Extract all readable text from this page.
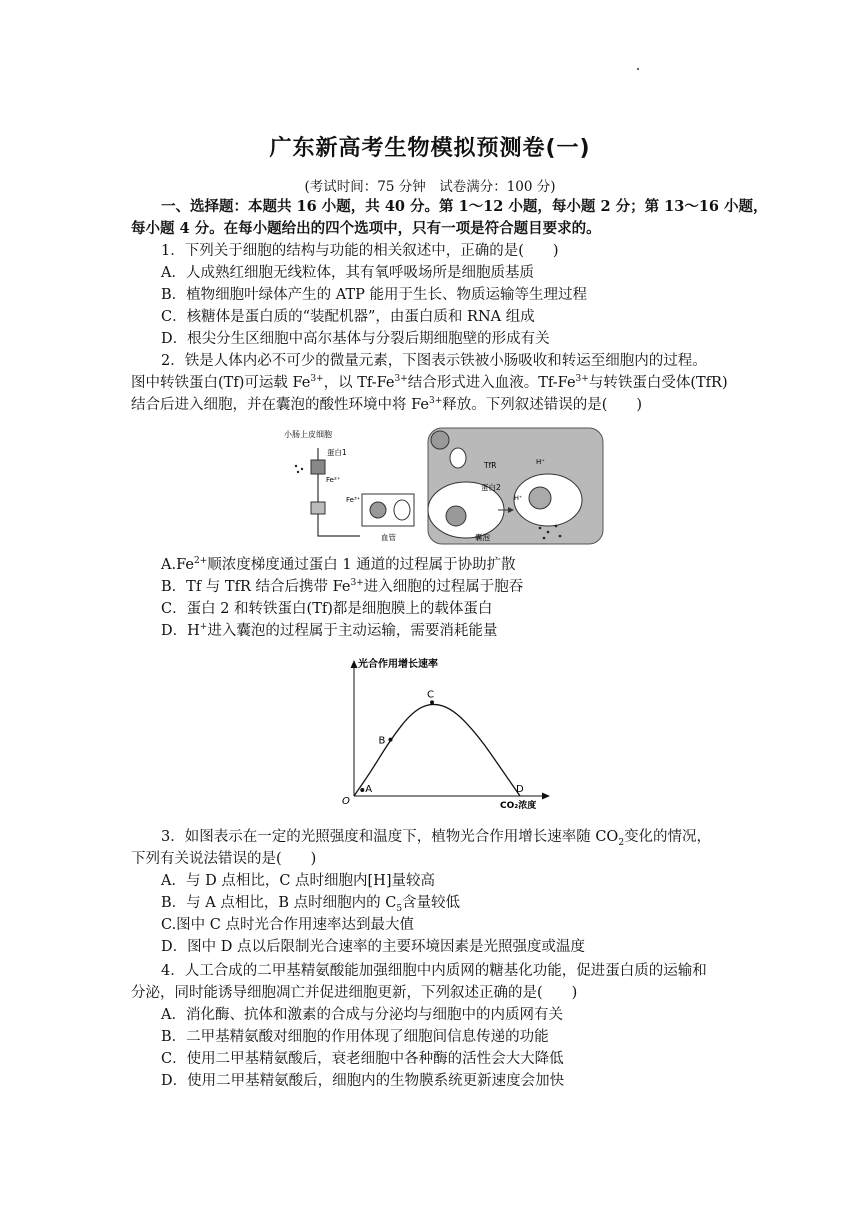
广东新高考生物模拟预测卷(一)
(考试时间：75 分钟　试卷满分：100 分)
一、选择题：本题共 16 小题，共 40 分。第 1～12 小题，每小题 2 分；第 13～16 小题，
每小题 4 分。在每小题给出的四个选项中，只有一项是符合题目要求的。
1．下列关于细胞的结构与功能的相关叙述中，正确的是(　　)
A．人成熟红细胞无线粒体，其有氧呼吸场所是细胞质基质
B．植物细胞叶绿体产生的 ATP 能用于生长、物质运输等生理过程
C．核糖体是蛋白质的“装配机器”，由蛋白质和 RNA 组成
D．根尖分生区细胞中高尔基体与分裂后期细胞壁的形成有关
2．铁是人体内必不可少的微量元素，下图表示铁被小肠吸收和转运至细胞内的过程。
图中转铁蛋白(Tf)可运载 $Fe^{3+}$，以 $Tf-Fe^{3+}$结合形式进入血液。$Tf-Fe^{3+}$与转铁蛋白受体(TfR)
结合后进入细胞，并在囊泡的酸性环境中将 $Fe^{3+}$释放。下列叙述错误的是(　　)
小肠上皮细胞
蛋白1
Fe²⁺
Fe³⁺
血管
TfR
蛋白2
H⁺
H⁺
囊泡
$A.Fe^{2+}$顺浓度梯度通过蛋白 1 通道的过程属于协助扩散
B．Tf 与 TfR 结合后携带 $Fe^{3+}$进入细胞的过程属于胞吞
C．蛋白 2 和转铁蛋白(Tf)都是细胞膜上的载体蛋白
D．H+进入囊泡的过程属于主动运输，需要消耗能量
光合作用增长速率
O	CO₂浓度
A
B
C
D
3．如图表示在一定的光照强度和温度下，植物光合作用增长速率随 $CO_2$变化的情况，
下列有关说法错误的是(　　)
A．与 D 点相比，C 点时细胞内[H]量较高
B．与 A 点相比，B 点时细胞内的 $C_5$含量较低
C.图中 C 点时光合作用速率达到最大值
D．图中 D 点以后限制光合速率的主要环境因素是光照强度或温度
4．人工合成的二甲基精氨酸能加强细胞中内质网的糖基化功能，促进蛋白质的运输和
分泌，同时能诱导细胞凋亡并促进细胞更新，下列叙述正确的是(　　)
A．消化酶、抗体和激素的合成与分泌均与细胞中的内质网有关
B．二甲基精氨酸对细胞的作用体现了细胞间信息传递的功能
C．使用二甲基精氨酸后，衰老细胞中各种酶的活性会大大降低
D．使用二甲基精氨酸后，细胞内的生物膜系统更新速度会加快
